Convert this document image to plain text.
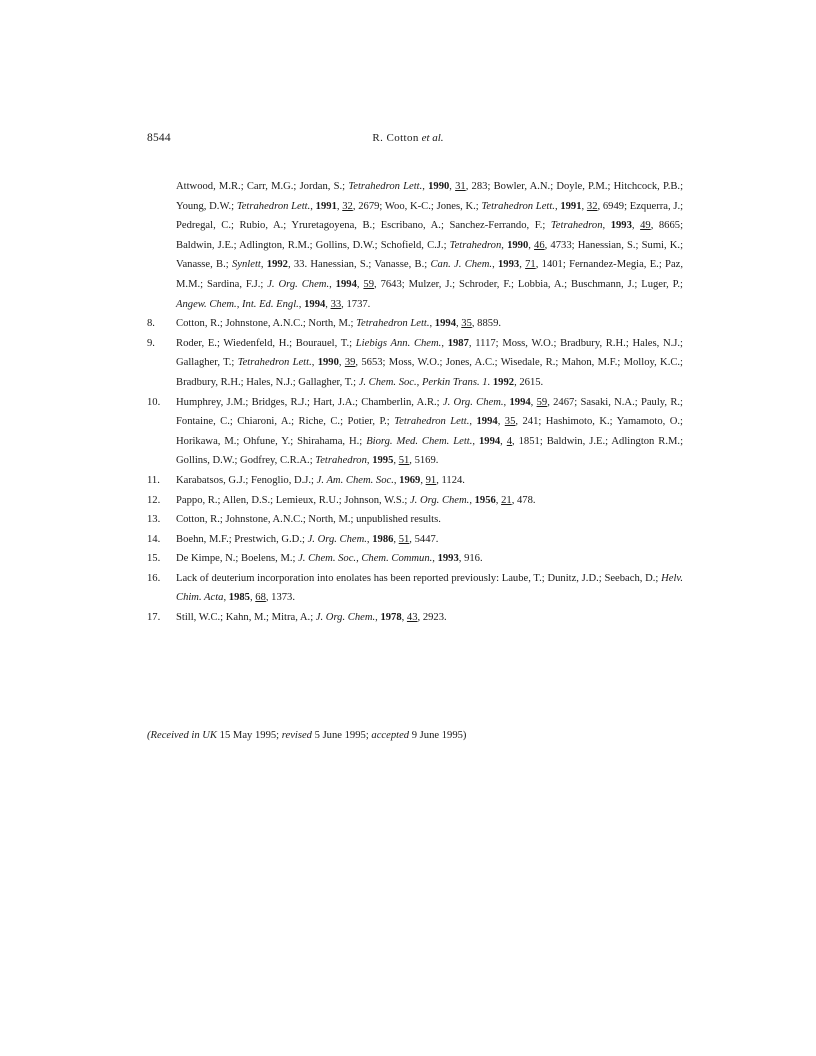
8544	R. Cotton et al.
Attwood, M.R.; Carr, M.G.; Jordan, S.; Tetrahedron Lett., 1990, 31, 283; Bowler, A.N.; Doyle, P.M.; Hitchcock, P.B.; Young, D.W.; Tetrahedron Lett., 1991, 32, 2679; Woo, K-C.; Jones, K.; Tetrahedron Lett., 1991, 32, 6949; Ezquerra, J.; Pedregal, C.; Rubio, A.; Yruretagoyena, B.; Escribano, A.; Sanchez-Ferrando, F.; Tetrahedron, 1993, 49, 8665; Baldwin, J.E.; Adlington, R.M.; Gollins, D.W.; Schofield, C.J.; Tetrahedron, 1990, 46, 4733; Hanessian, S.; Sumi, K.; Vanasse, B.; Synlett, 1992, 33. Hanessian, S.; Vanasse, B.; Can. J. Chem., 1993, 71, 1401; Fernandez-Megia, E.; Paz, M.M.; Sardina, F.J.; J. Org. Chem., 1994, 59, 7643; Mulzer, J.; Schroder, F.; Lobbia, A.; Buschmann, J.; Luger, P.; Angew. Chem., Int. Ed. Engl., 1994, 33, 1737.
8.	Cotton, R.; Johnstone, A.N.C.; North, M.; Tetrahedron Lett., 1994, 35, 8859.
9.	Roder, E.; Wiedenfeld, H.; Bourauel, T.; Liebigs Ann. Chem., 1987, 1117; Moss, W.O.; Bradbury, R.H.; Hales, N.J.; Gallagher, T.; Tetrahedron Lett., 1990, 39, 5653; Moss, W.O.; Jones, A.C.; Wisedale, R.; Mahon, M.F.; Molloy, K.C.; Bradbury, R.H.; Hales, N.J.; Gallagher, T.; J. Chem. Soc., Perkin Trans. 1. 1992, 2615.
10.	Humphrey, J.M.; Bridges, R.J.; Hart, J.A.; Chamberlin, A.R.; J. Org. Chem., 1994, 59, 2467; Sasaki, N.A.; Pauly, R.; Fontaine, C.; Chiaroni, A.; Riche, C.; Potier, P.; Tetrahedron Lett., 1994, 35, 241; Hashimoto, K.; Yamamoto, O.; Horikawa, M.; Ohfune, Y.; Shirahama, H.; Biorg. Med. Chem. Lett., 1994, 4, 1851; Baldwin, J.E.; Adlington R.M.; Gollins, D.W.; Godfrey, C.R.A.; Tetrahedron, 1995, 51, 5169.
11.	Karabatsos, G.J.; Fenoglio, D.J.; J. Am. Chem. Soc., 1969, 91, 1124.
12.	Pappo, R.; Allen, D.S.; Lemieux, R.U.; Johnson, W.S.; J. Org. Chem., 1956, 21, 478.
13.	Cotton, R.; Johnstone, A.N.C.; North, M.; unpublished results.
14.	Boehn, M.F.; Prestwich, G.D.; J. Org. Chem., 1986, 51, 5447.
15.	De Kimpe, N.; Boelens, M.; J. Chem. Soc., Chem. Commun., 1993, 916.
16.	Lack of deuterium incorporation into enolates has been reported previously: Laube, T.; Dunitz, J.D.; Seebach, D.; Helv. Chim. Acta, 1985, 68, 1373.
17.	Still, W.C.; Kahn, M.; Mitra, A.; J. Org. Chem., 1978, 43, 2923.
(Received in UK 15 May 1995; revised 5 June 1995; accepted 9 June 1995)
